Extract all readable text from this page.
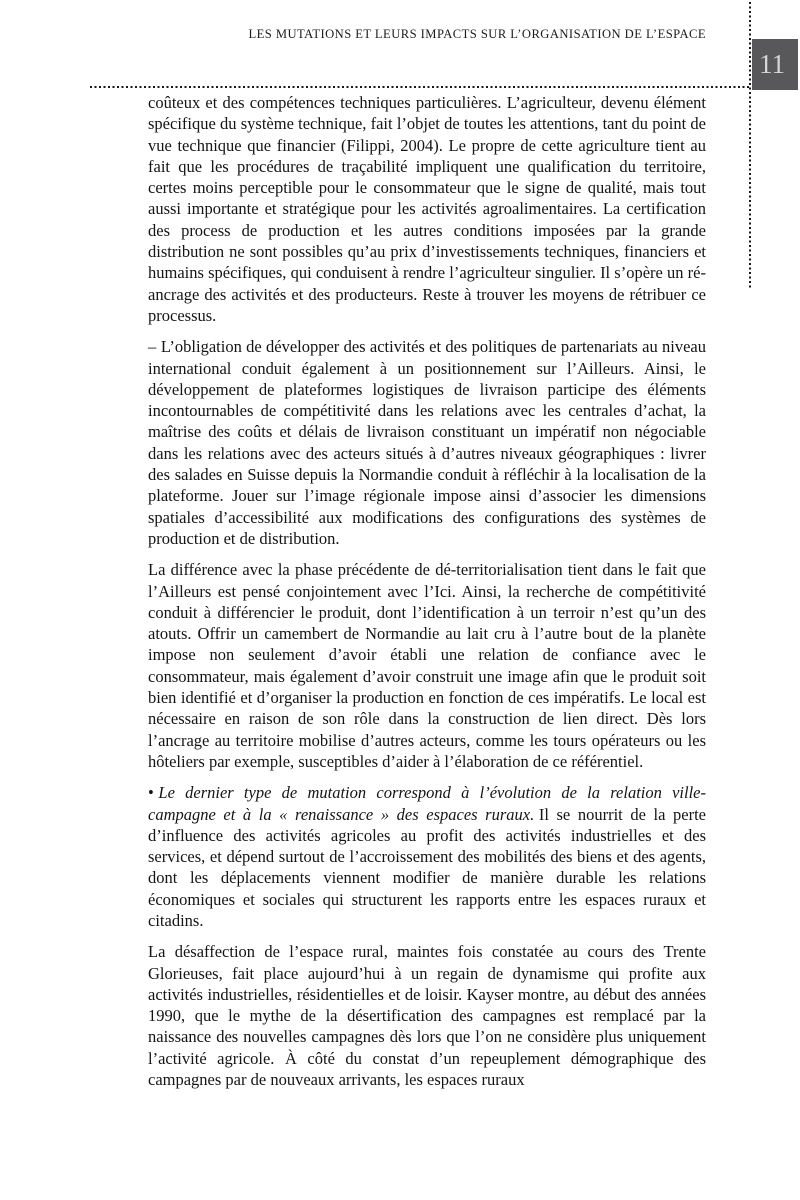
LES MUTATIONS ET LEURS IMPACTS SUR L’ORGANISATION DE L’ESPACE
11

coûteux et des compétences techniques particulières. L’agriculteur, devenu élément spécifique du système technique, fait l’objet de toutes les attentions, tant du point de vue technique que financier (Filippi, 2004). Le propre de cette agriculture tient au fait que les procédures de traçabilité impliquent une qualification du territoire, certes moins perceptible pour le consommateur que le signe de qualité, mais tout aussi importante et stratégique pour les activités agroalimentaires. La certification des process de production et les autres conditions imposées par la grande distribution ne sont possibles qu’au prix d’investissements techniques, financiers et humains spécifiques, qui conduisent à rendre l’agriculteur singulier. Il s’opère un ré-ancrage des activités et des producteurs. Reste à trouver les moyens de rétribuer ce processus.

– L’obligation de développer des activités et des politiques de partenariats au niveau international conduit également à un positionnement sur l’Ailleurs. Ainsi, le développement de plateformes logistiques de livraison participe des éléments incontournables de compétitivité dans les relations avec les centrales d’achat, la maîtrise des coûts et délais de livraison constituant un impératif non négociable dans les relations avec des acteurs situés à d’autres niveaux géographiques : livrer des salades en Suisse depuis la Normandie conduit à réfléchir à la localisation de la plateforme. Jouer sur l’image régionale impose ainsi d’associer les dimensions spatiales d’accessibilité aux modifications des configurations des systèmes de production et de distribution.

La différence avec la phase précédente de dé-territorialisation tient dans le fait que l’Ailleurs est pensé conjointement avec l’Ici. Ainsi, la recherche de compétitivité conduit à différencier le produit, dont l’identification à un terroir n’est qu’un des atouts. Offrir un camembert de Normandie au lait cru à l’autre bout de la planète impose non seulement d’avoir établi une relation de confiance avec le consommateur, mais également d’avoir construit une image afin que le produit soit bien identifié et d’organiser la production en fonction de ces impératifs. Le local est nécessaire en raison de son rôle dans la construction de lien direct. Dès lors l’ancrage au territoire mobilise d’autres acteurs, comme les tours opérateurs ou les hôteliers par exemple, susceptibles d’aider à l’élaboration de ce référentiel.

• Le dernier type de mutation correspond à l’évolution de la relation ville-campagne et à la « renaissance » des espaces ruraux. Il se nourrit de la perte d’influence des activités agricoles au profit des activités industrielles et des services, et dépend surtout de l’accroissement des mobilités des biens et des agents, dont les déplacements viennent modifier de manière durable les relations économiques et sociales qui structurent les rapports entre les espaces ruraux et citadins.

La désaffection de l’espace rural, maintes fois constatée au cours des Trente Glorieuses, fait place aujourd’hui à un regain de dynamisme qui profite aux activités industrielles, résidentielles et de loisir. Kayser montre, au début des années 1990, que le mythe de la désertification des campagnes est remplacé par la naissance des nouvelles campagnes dès lors que l’on ne considère plus uniquement l’activité agricole. À côté du constat d’un repeuplement démographique des campagnes par de nouveaux arrivants, les espaces ruraux
